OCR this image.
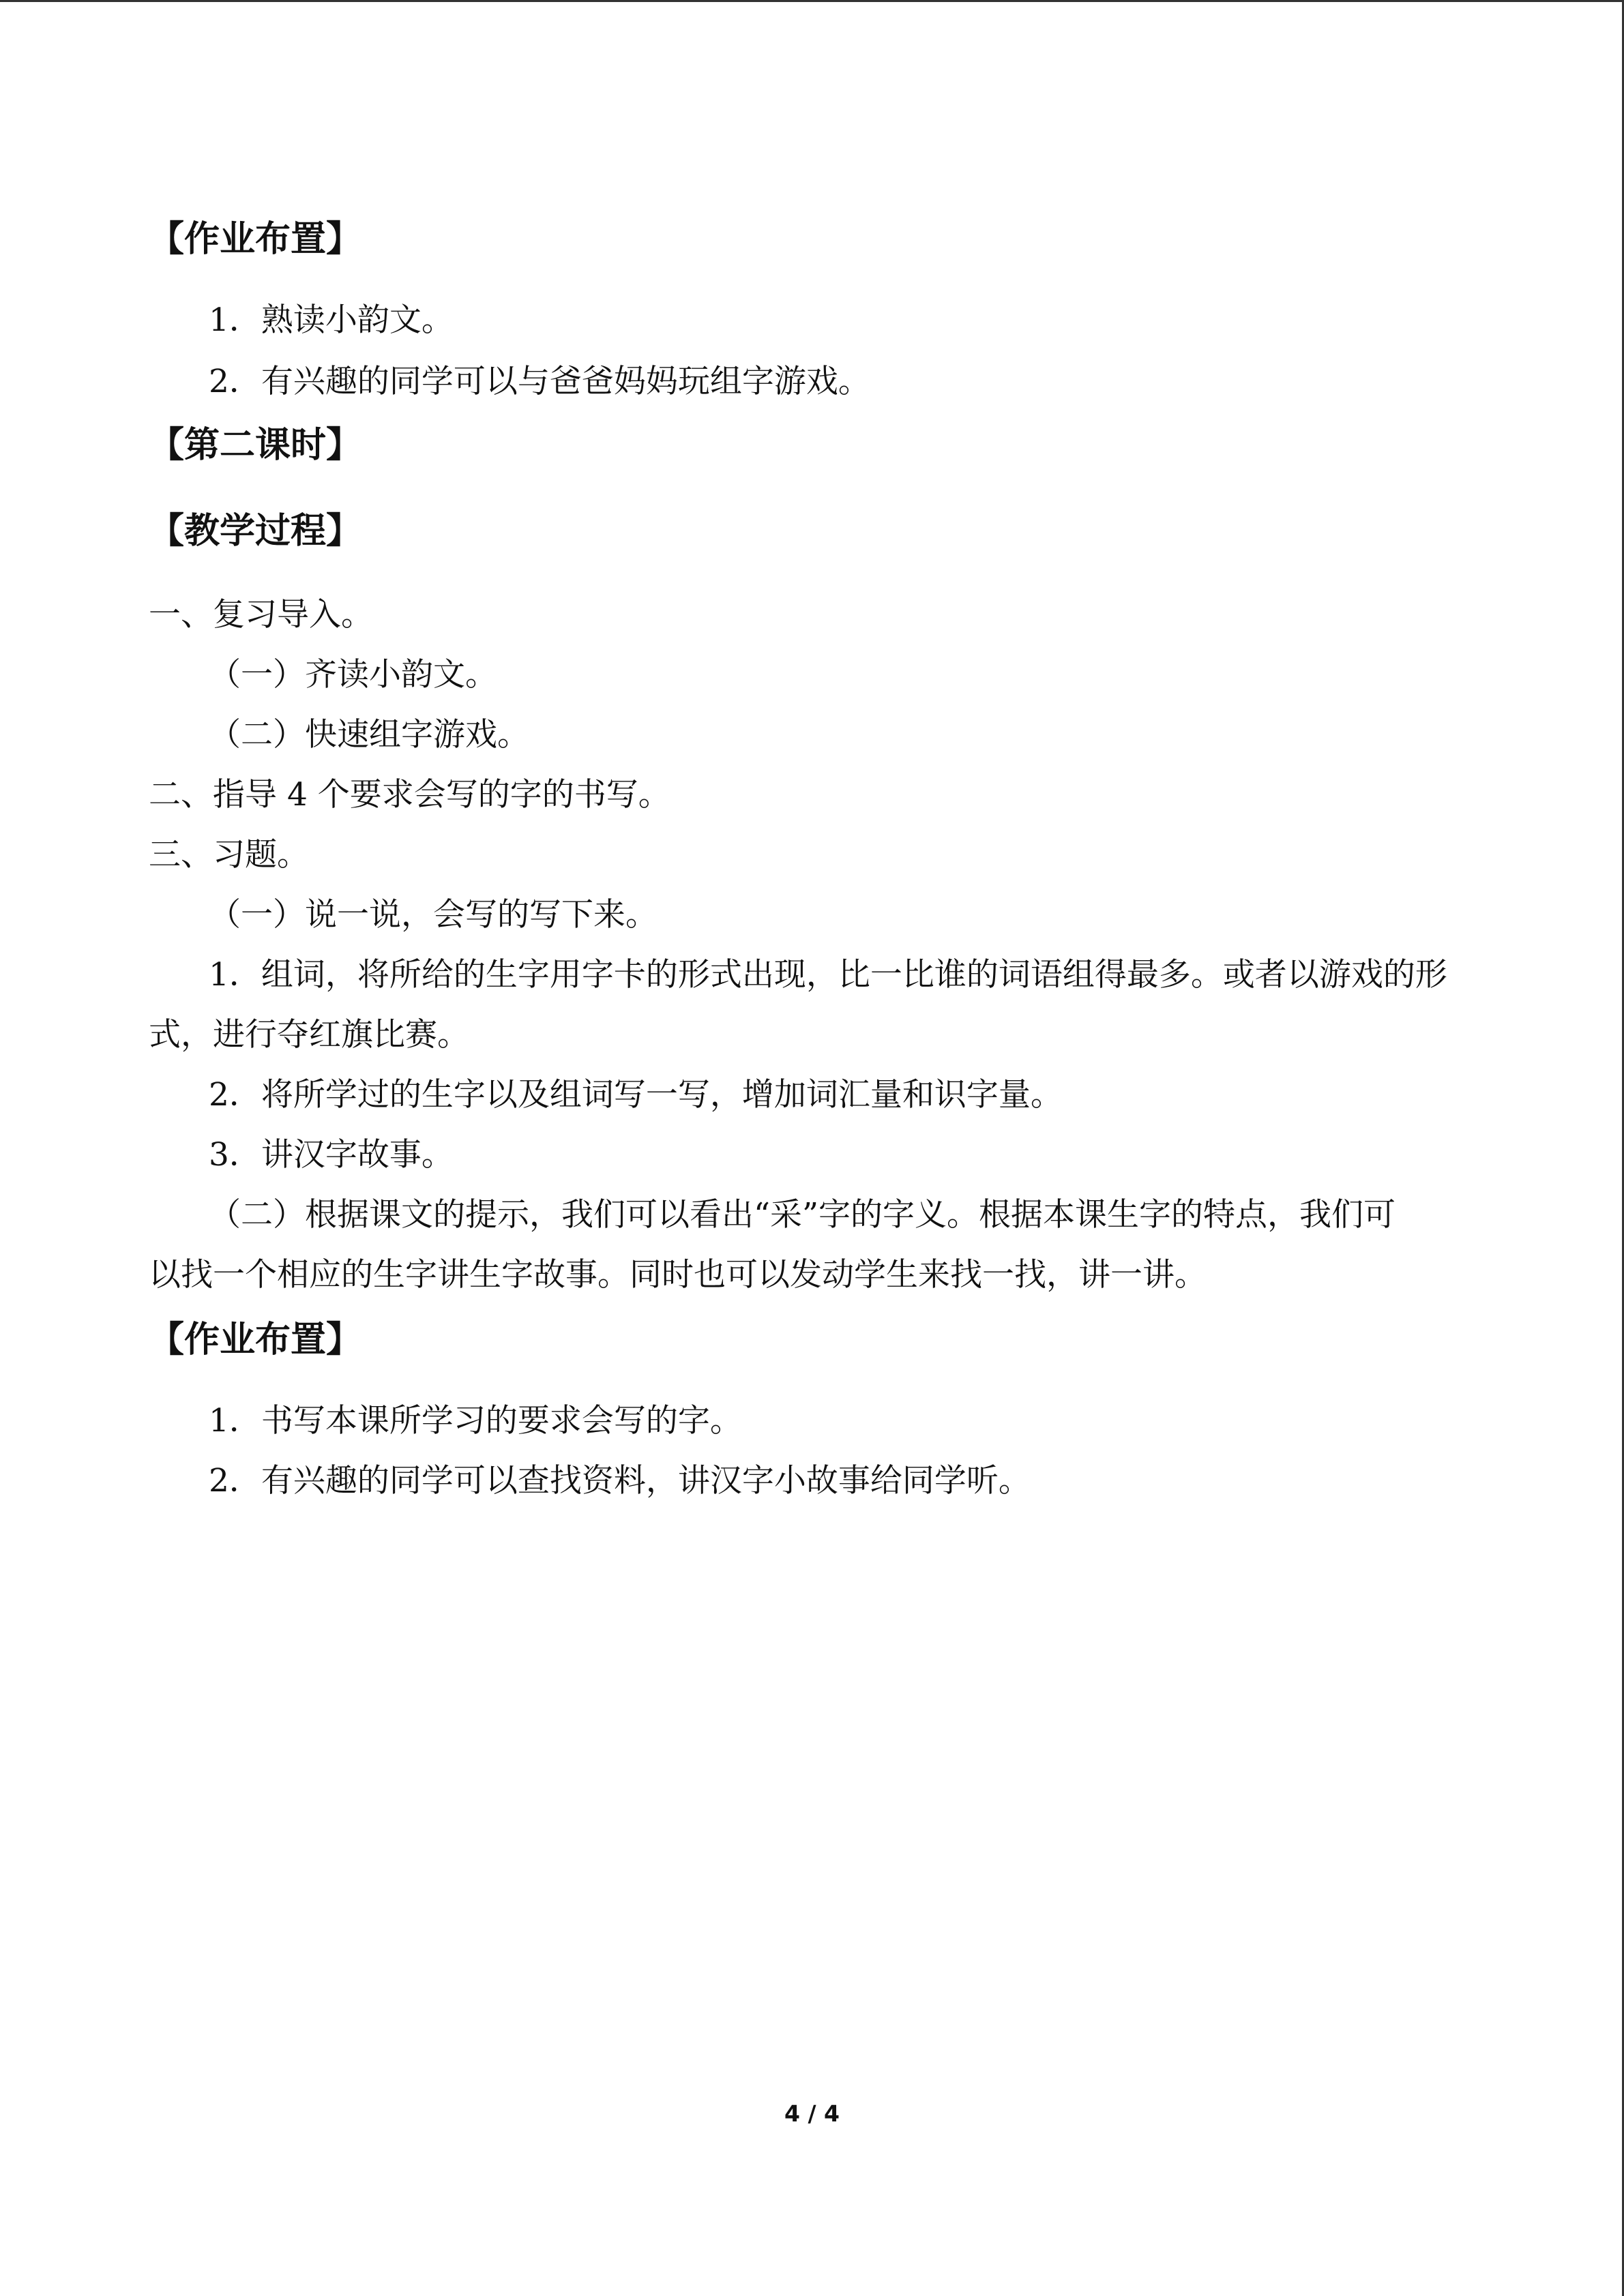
【作业布置】
1．熟读小韵文。
2．有兴趣的同学可以与爸爸妈妈玩组字游戏。
【第二课时】
【教学过程】
一、复习导入。
（一）齐读小韵文。
（二）快速组字游戏。
二、指导 4 个要求会写的字的书写。
三、习题。
（一）说一说，会写的写下来。
1．组词，将所给的生字用字卡的形式出现，比一比谁的词语组得最多。或者以游戏的形
式，进行夺红旗比赛。
2．将所学过的生字以及组词写一写，增加词汇量和识字量。
3．讲汉字故事。
（二）根据课文的提示，我们可以看出“采”字的字义。根据本课生字的特点，我们可
以找一个相应的生字讲生字故事。同时也可以发动学生来找一找，讲一讲。
【作业布置】
1．书写本课所学习的要求会写的字。
2．有兴趣的同学可以查找资料，讲汉字小故事给同学听。
4 / 4
